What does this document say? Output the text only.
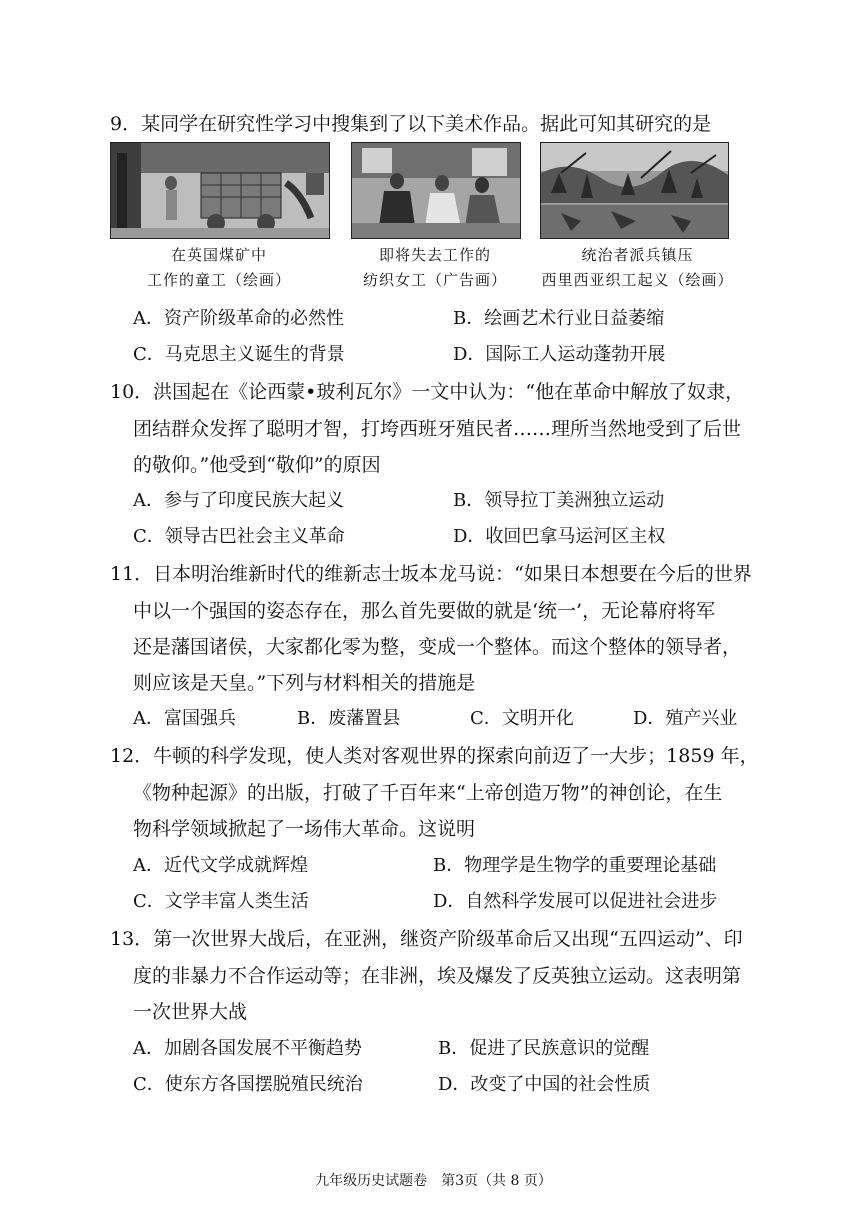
9．某同学在研究性学习中搜集到了以下美术作品。据此可知其研究的是
在英国煤矿中
工作的童工（绘画）
即将失去工作的
纺织女工（广告画）
统治者派兵镇压
西里西亚织工起义（绘画）
A．资产阶级革命的必然性	B．绘画艺术行业日益萎缩
C．马克思主义诞生的背景	D．国际工人运动蓬勃开展
10．洪国起在《论西蒙•玻利瓦尔》一文中认为：“他在革命中解放了奴隶，
团结群众发挥了聪明才智，打垮西班牙殖民者……理所当然地受到了后世
的敬仰。”他受到“敬仰”的原因
A．参与了印度民族大起义	B．领导拉丁美洲独立运动
C．领导古巴社会主义革命	D．收回巴拿马运河区主权
11．日本明治维新时代的维新志士坂本龙马说：“如果日本想要在今后的世界
中以一个强国的姿态存在，那么首先要做的就是‘统一’，无论幕府将军
还是藩国诸侯，大家都化零为整，变成一个整体。而这个整体的领导者，
则应该是天皇。”下列与材料相关的措施是
A．富国强兵	B．废藩置县	C．文明开化	D．殖产兴业
12．牛顿的科学发现，使人类对客观世界的探索向前迈了一大步；1859 年，
《物种起源》的出版，打破了千百年来“上帝创造万物”的神创论，在生
物科学领域掀起了一场伟大革命。这说明
A．近代文学成就辉煌	B．物理学是生物学的重要理论基础
C．文学丰富人类生活	D．自然科学发展可以促进社会进步
13．第一次世界大战后，在亚洲，继资产阶级革命后又出现“五四运动”、印
度的非暴力不合作运动等；在非洲，埃及爆发了反英独立运动。这表明第
一次世界大战
A．加剧各国发展不平衡趋势	B．促进了民族意识的觉醒
C．使东方各国摆脱殖民统治	D．改变了中国的社会性质
九年级历史试题卷　第3页（共 8 页）
